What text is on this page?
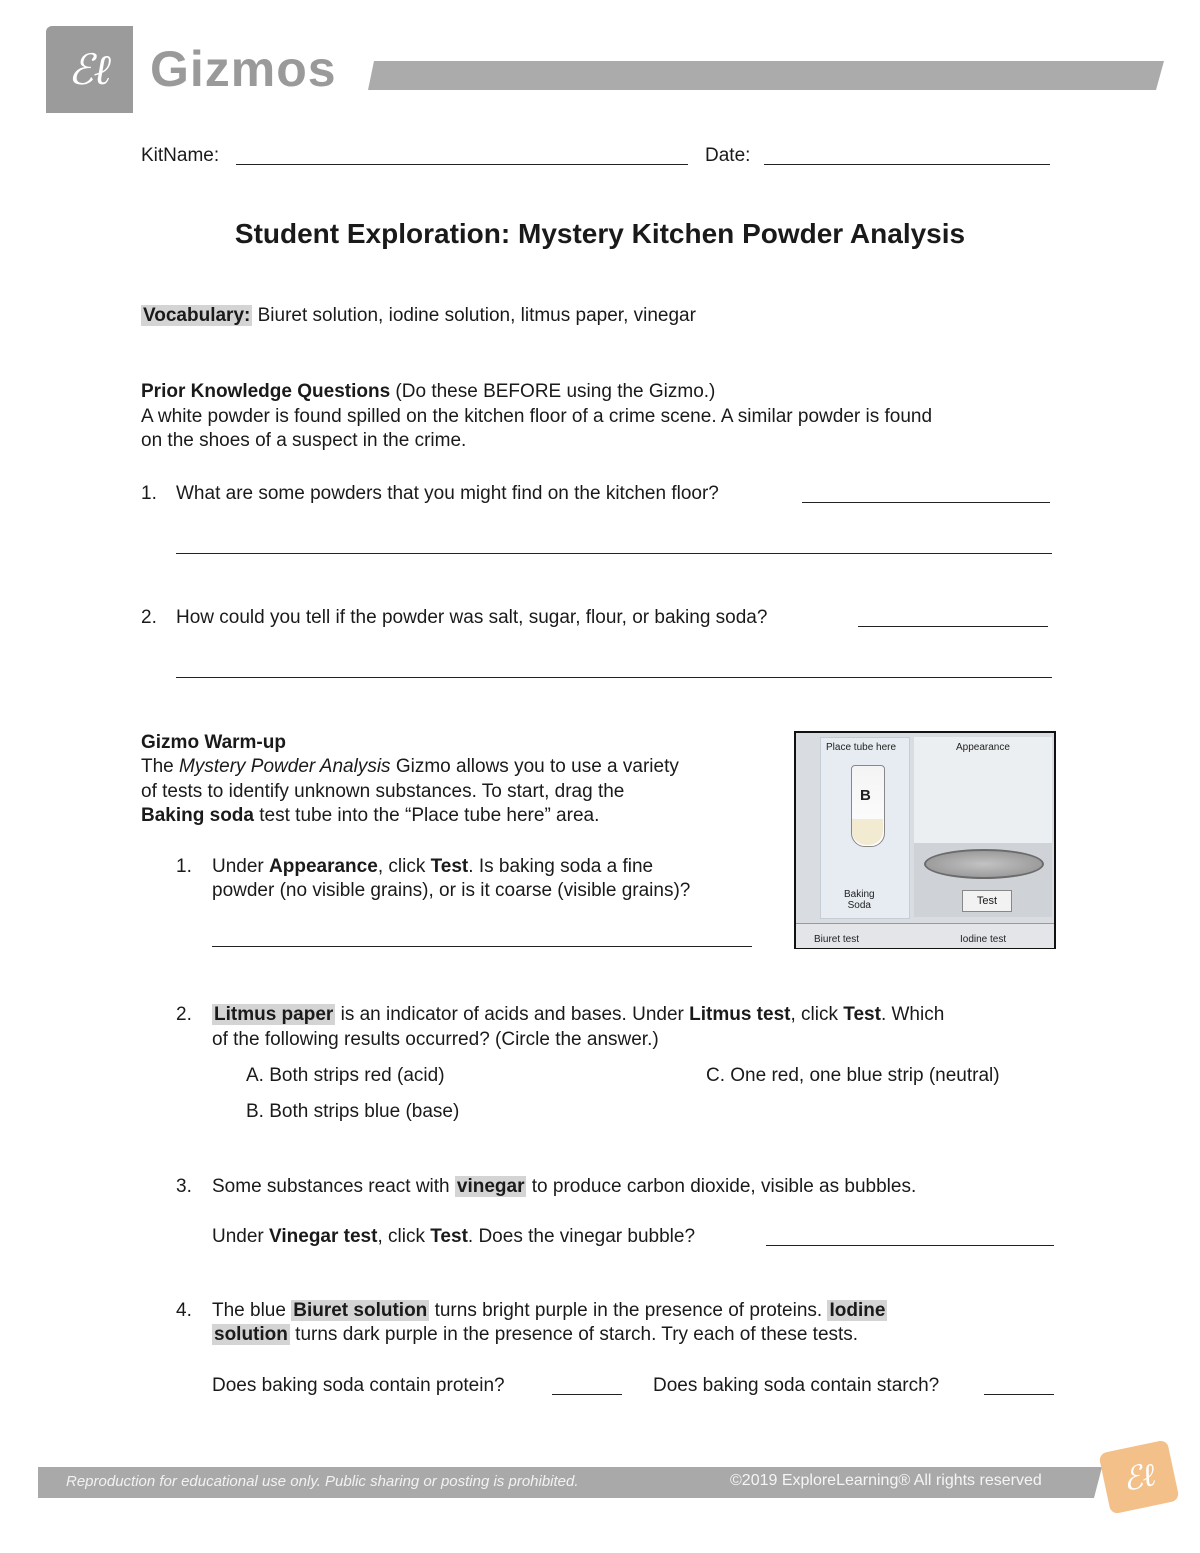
ℰℓ Gizmos
KitName:	Date:
Student Exploration: Mystery Kitchen Powder Analysis
Vocabulary: Biuret solution, iodine solution, litmus paper, vinegar
Prior Knowledge Questions (Do these BEFORE using the Gizmo.)
A white powder is found spilled on the kitchen floor of a crime scene. A similar powder is found
on the shoes of a suspect in the crime.
1. What are some powders that you might find on the kitchen floor?
2. How could you tell if the powder was salt, sugar, flour, or baking soda?
Gizmo Warm-up
The Mystery Powder Analysis Gizmo allows you to use a variety
of tests to identify unknown substances. To start, drag the
Baking soda test tube into the “Place tube here” area.
1. Under Appearance, click Test. Is baking soda a fine
powder (no visible grains), or is it coarse (visible grains)?
Place tube here	Appearance
B
Baking
Soda	Test
Biuret test	Iodine test
2. Litmus paper is an indicator of acids and bases. Under Litmus test, click Test. Which
of the following results occurred? (Circle the answer.)
A. Both strips red (acid)	C. One red, one blue strip (neutral)
B. Both strips blue (base)
3. Some substances react with vinegar to produce carbon dioxide, visible as bubbles.
Under Vinegar test, click Test. Does the vinegar bubble?
4. The blue Biuret solution turns bright purple in the presence of proteins. Iodine
solution turns dark purple in the presence of starch. Try each of these tests.
Does baking soda contain protein?	Does baking soda contain starch?
Reproduction for educational use only. Public sharing or posting is prohibited.	©2019 ExploreLearning® All rights reserved ℰℓ
